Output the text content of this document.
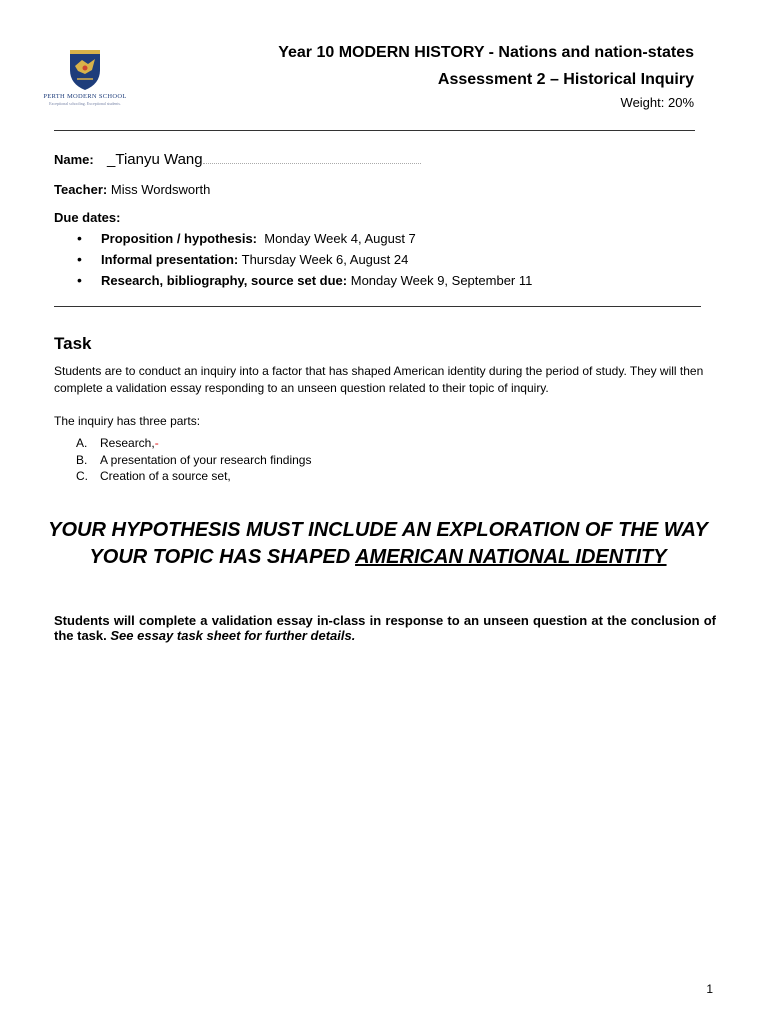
PERTH MODERN SCHOOL
Exceptional schooling. Exceptional students.
Year 10 MODERN HISTORY - Nations and nation-states
Assessment 2 – Historical Inquiry
Weight: 20%
Name: _Tianyu Wang
Teacher: Miss Wordsworth
Due dates:
• Proposition / hypothesis: Monday Week 4, August 7
• Informal presentation: Thursday Week 6, August 24
• Research, bibliography, source set due: Monday Week 9, September 11
Task
Students are to conduct an inquiry into a factor that has shaped American identity during the period of study. They will then complete a validation essay responding to an unseen question related to their topic of inquiry.
The inquiry has three parts:
A. Research,-
B. A presentation of your research findings
C. Creation of a source set,
YOUR HYPOTHESIS MUST INCLUDE AN EXPLORATION OF THE WAY
YOUR TOPIC HAS SHAPED AMERICAN NATIONAL IDENTITY
Students will complete a validation essay in-class in response to an unseen question at the conclusion of the task. See essay task sheet for further details.
1
